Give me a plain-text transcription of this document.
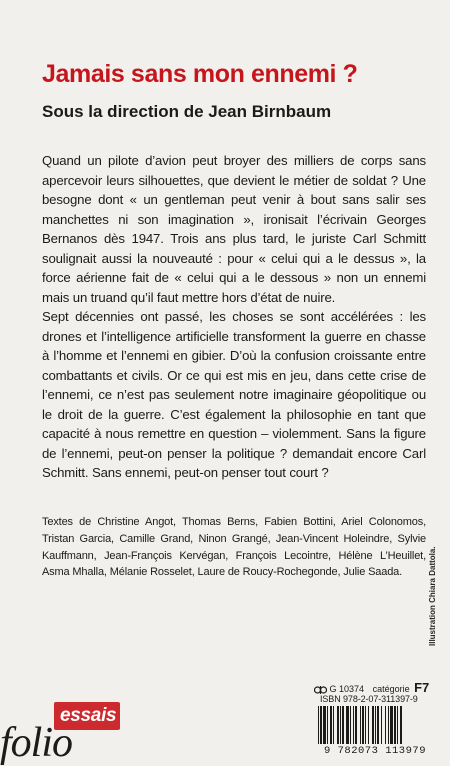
Jamais sans mon ennemi ?
Sous la direction de Jean Birnbaum

Quand un pilote d’avion peut broyer des milliers de corps sans apercevoir leurs silhouettes, que devient le métier de soldat ? Une besogne dont « un gentleman peut venir à bout sans salir ses manchettes ni son imagination », ironisait l’écrivain Georges Bernanos dès 1947. Trois ans plus tard, le juriste Carl Schmitt soulignait aussi la nouveauté : pour « celui qui a le dessus », la force aérienne fait de « celui qui a le dessous » non un ennemi mais un truand qu’il faut mettre hors d’état de nuire.

Sept décennies ont passé, les choses se sont accélérées : les drones et l’intelligence artificielle transforment la guerre en chasse à l’homme et l’ennemi en gibier. D’où la confusion croissante entre combattants et civils. Or ce qui est mis en jeu, dans cette crise de l’ennemi, ce n’est pas seulement notre imaginaire géopolitique ou le droit de la guerre. C’est également la philosophie en tant que capacité à nous remettre en question – violemment. Sans la figure de l’ennemi, peut-on penser la politique ? demandait encore Carl Schmitt. Sans ennemi, peut-on penser tout court ?

Textes de Christine Angot, Thomas Berns, Fabien Bottini, Ariel Colonomos, Tristan Garcia, Camille Grand, Ninon Grangé, Jean-Vincent Holeindre, Sylvie Kauffmann, Jean-François Kervégan, François Lecointre, Hélène L’Heuillet, Asma Mhalla, Mélanie Rosselet, Laure de Roucy-Rochegonde, Julie Saada.	Illustration Chiara Dattola.
G 10374 catégorie F7
ISBN 978-2-07-311397-9
9 782073 113979
essais
folio
